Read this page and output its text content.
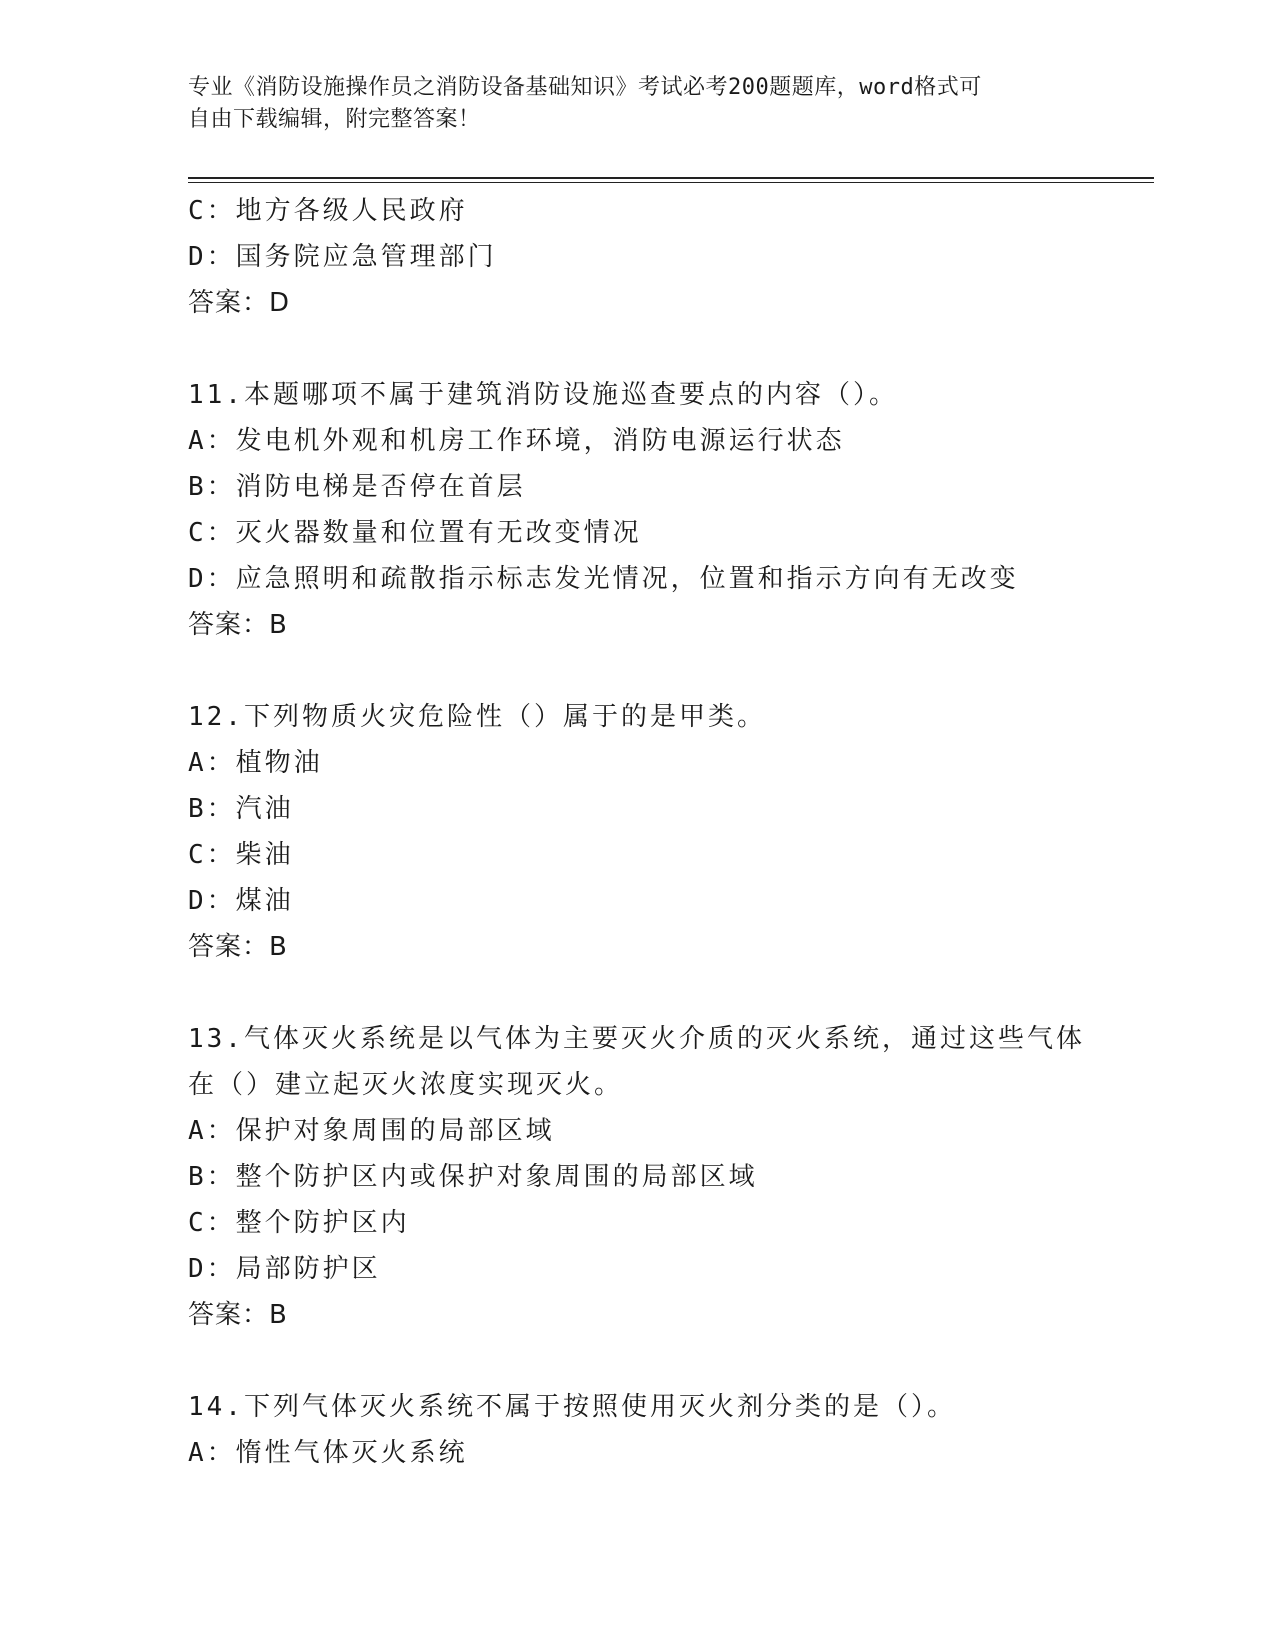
专业《消防设施操作员之消防设备基础知识》考试必考200题题库，word格式可
自由下载编辑，附完整答案！
C：地方各级人民政府
D：国务院应急管理部门
答案：D
11.本题哪项不属于建筑消防设施巡查要点的内容（）。
A：发电机外观和机房工作环境，消防电源运行状态
B：消防电梯是否停在首层
C：灭火器数量和位置有无改变情况
D：应急照明和疏散指示标志发光情况，位置和指示方向有无改变
答案：B
12.下列物质火灾危险性（）属于的是甲类。
A：植物油
B：汽油
C：柴油
D：煤油
答案：B
13.气体灭火系统是以气体为主要灭火介质的灭火系统，通过这些气体
在（）建立起灭火浓度实现灭火。
A：保护对象周围的局部区域
B：整个防护区内或保护对象周围的局部区域
C：整个防护区内
D：局部防护区
答案：B
14.下列气体灭火系统不属于按照使用灭火剂分类的是（）。
A：惰性气体灭火系统
